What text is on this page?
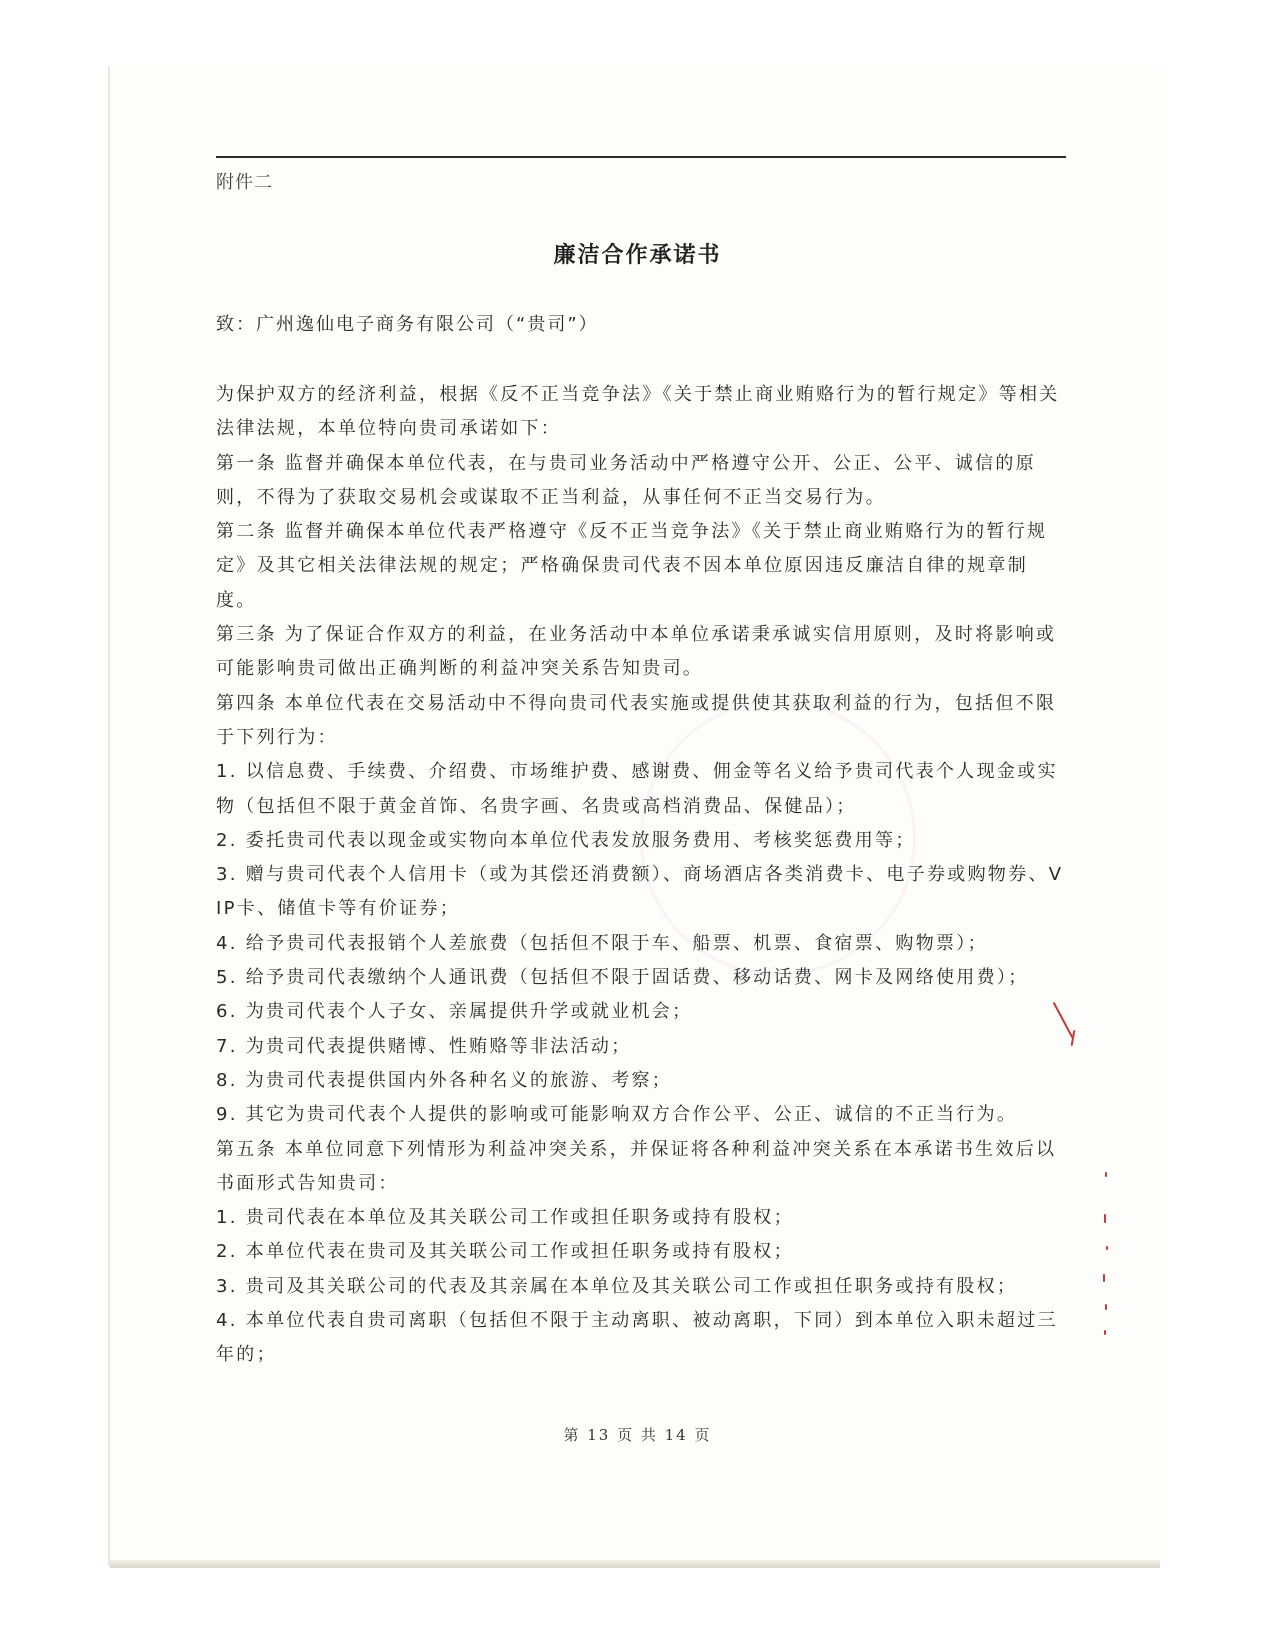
附件二
廉洁合作承诺书
致：广州逸仙电子商务有限公司（“贵司”）

为保护双方的经济利益，根据《反不正当竞争法》《关于禁止商业贿赂行为的暂行规定》等相关法律法规，本单位特向贵司承诺如下：

第一条 监督并确保本单位代表，在与贵司业务活动中严格遵守公开、公正、公平、诚信的原则，不得为了获取交易机会或谋取不正当利益，从事任何不正当交易行为。

第二条 监督并确保本单位代表严格遵守《反不正当竞争法》《关于禁止商业贿赂行为的暂行规定》及其它相关法律法规的规定；严格确保贵司代表不因本单位原因违反廉洁自律的规章制度。

第三条 为了保证合作双方的利益，在业务活动中本单位承诺秉承诚实信用原则，及时将影响或可能影响贵司做出正确判断的利益冲突关系告知贵司。

第四条 本单位代表在交易活动中不得向贵司代表实施或提供使其获取利益的行为，包括但不限于下列行为：

1. 以信息费、手续费、介绍费、市场维护费、感谢费、佣金等名义给予贵司代表个人现金或实物（包括但不限于黄金首饰、名贵字画、名贵或高档消费品、保健品）；

2. 委托贵司代表以现金或实物向本单位代表发放服务费用、考核奖惩费用等；

3. 赠与贵司代表个人信用卡（或为其偿还消费额）、商场酒店各类消费卡、电子券或购物券、VIP卡、储值卡等有价证券；

4. 给予贵司代表报销个人差旅费（包括但不限于车、船票、机票、食宿票、购物票）；

5. 给予贵司代表缴纳个人通讯费（包括但不限于固话费、移动话费、网卡及网络使用费）；

6. 为贵司代表个人子女、亲属提供升学或就业机会；

7. 为贵司代表提供赌博、性贿赂等非法活动；

8. 为贵司代表提供国内外各种名义的旅游、考察；

9. 其它为贵司代表个人提供的影响或可能影响双方合作公平、公正、诚信的不正当行为。

第五条 本单位同意下列情形为利益冲突关系，并保证将各种利益冲突关系在本承诺书生效后以书面形式告知贵司：

1. 贵司代表在本单位及其关联公司工作或担任职务或持有股权；

2. 本单位代表在贵司及其关联公司工作或担任职务或持有股权；

3. 贵司及其关联公司的代表及其亲属在本单位及其关联公司工作或担任职务或持有股权；

4. 本单位代表自贵司离职（包括但不限于主动离职、被动离职，下同）到本单位入职未超过三年的；

第 13 页 共 14 页
